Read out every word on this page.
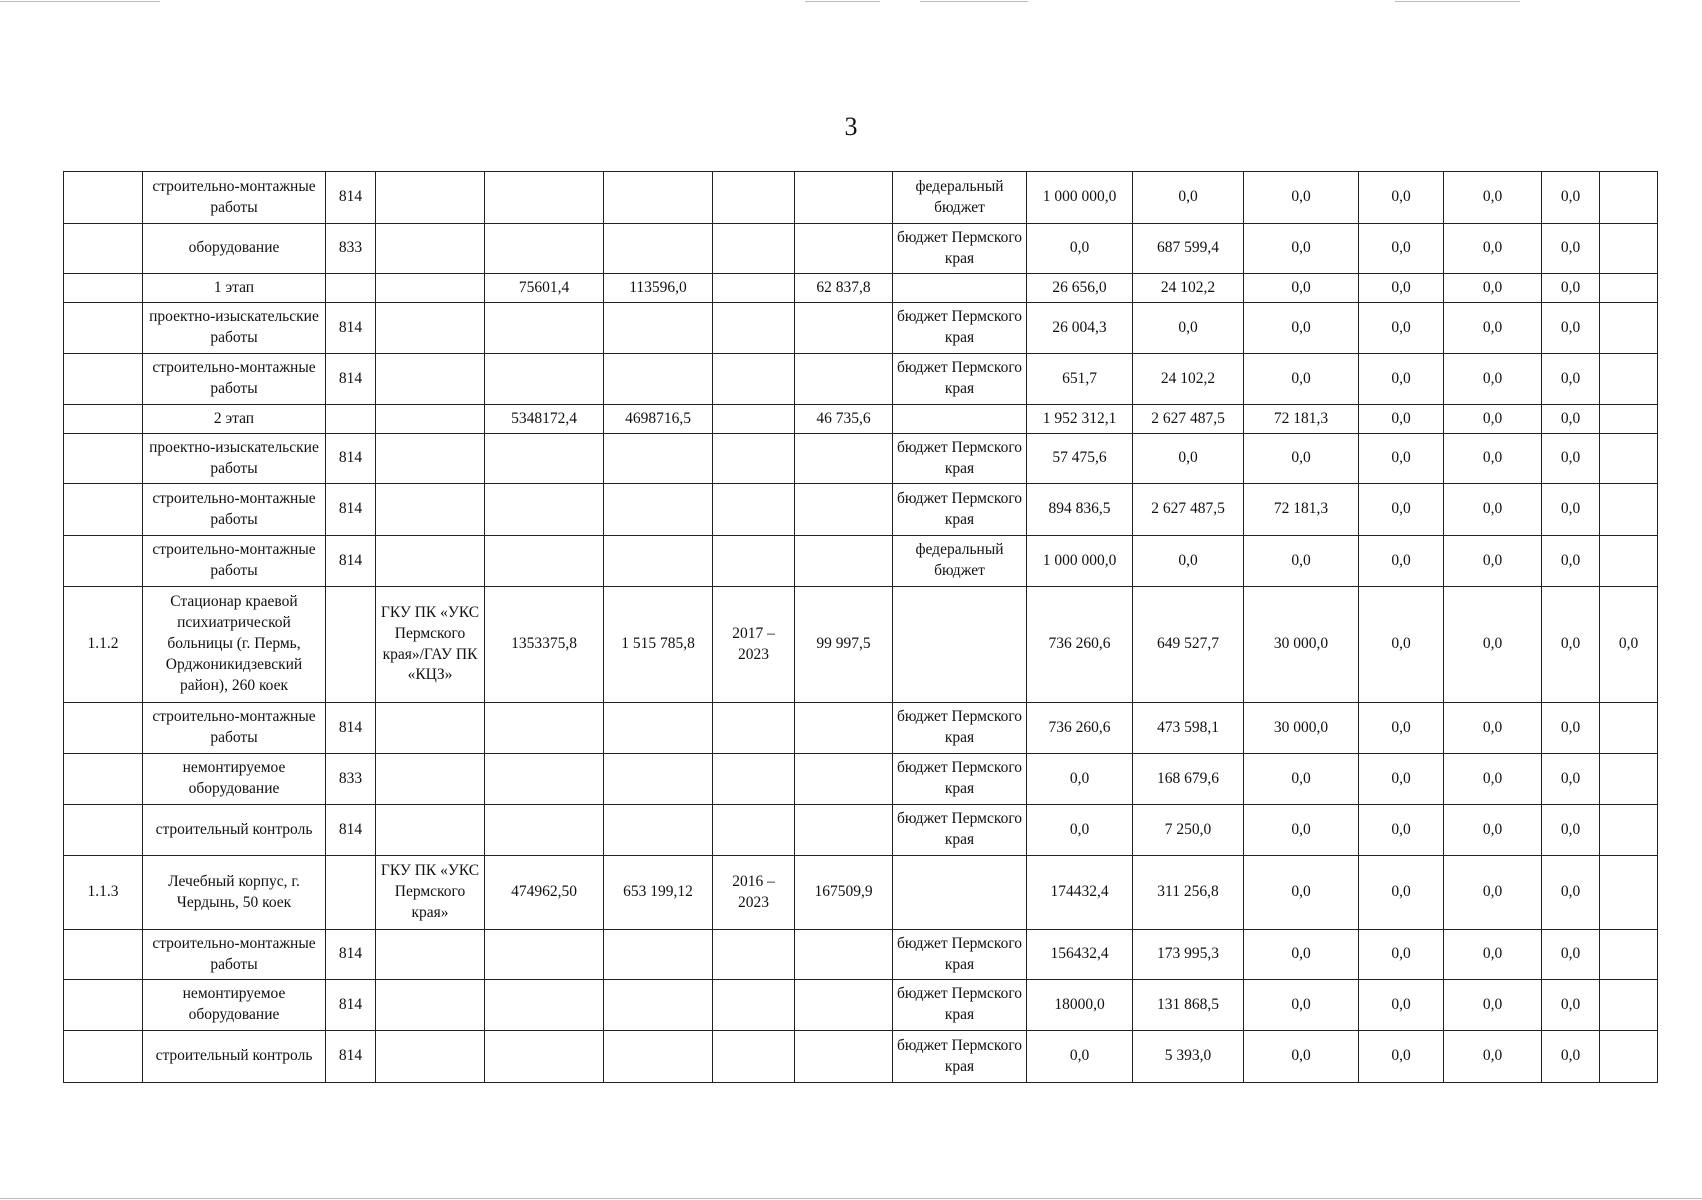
3
	строительно-монтажные работы	814						федеральный бюджет	1 000 000,0	0,0	0,0	0,0	0,0	0,0	
	оборудование	833						бюджет Пермского края	0,0	687 599,4	0,0	0,0	0,0	0,0	
	1 этап			75601,4	113596,0		62 837,8		26 656,0	24 102,2	0,0	0,0	0,0	0,0	
	проектно-изыскательские работы	814						бюджет Пермского края	26 004,3	0,0	0,0	0,0	0,0	0,0	
	строительно-монтажные работы	814						бюджет Пермского края	651,7	24 102,2	0,0	0,0	0,0	0,0	
	2 этап			5348172,4	4698716,5		46 735,6		1 952 312,1	2 627 487,5	72 181,3	0,0	0,0	0,0	
	проектно-изыскательские работы	814						бюджет Пермского края	57 475,6	0,0	0,0	0,0	0,0	0,0	
	строительно-монтажные работы	814						бюджет Пермского края	894 836,5	2 627 487,5	72 181,3	0,0	0,0	0,0	
	строительно-монтажные работы	814						федеральный бюджет	1 000 000,0	0,0	0,0	0,0	0,0	0,0	
1.1.2	Стационар краевой психиатрической больницы (г. Пермь, Орджоникидзевский район), 260 коек		ГКУ ПК «УКС Пермского края»/ГАУ ПК «КЦЗ»	1353375,8	1 515 785,8	2017 – 2023	99 997,5		736 260,6	649 527,7	30 000,0	0,0	0,0	0,0	0,0
	строительно-монтажные работы	814						бюджет Пермского края	736 260,6	473 598,1	30 000,0	0,0	0,0	0,0	
	немонтируемое оборудование	833						бюджет Пермского края	0,0	168 679,6	0,0	0,0	0,0	0,0	
	строительный контроль	814						бюджет Пермского края	0,0	7 250,0	0,0	0,0	0,0	0,0	
1.1.3	Лечебный корпус, г. Чердынь, 50 коек		ГКУ ПК «УКС Пермского края»	474962,50	653 199,12	2016 – 2023	167509,9		174432,4	311 256,8	0,0	0,0	0,0	0,0	
	строительно-монтажные работы	814						бюджет Пермского края	156432,4	173 995,3	0,0	0,0	0,0	0,0	
	немонтируемое оборудование	814						бюджет Пермского края	18000,0	131 868,5	0,0	0,0	0,0	0,0	
	строительный контроль	814						бюджет Пермского края	0,0	5 393,0	0,0	0,0	0,0	0,0	
